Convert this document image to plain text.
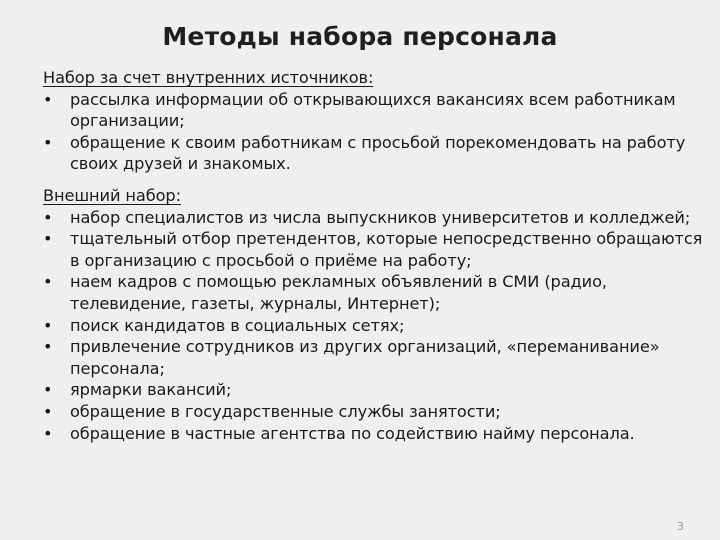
Методы набора персонала
Набор за счет внутренних источников:
• рассылка информации об открывающихся вакансиях всем работникам организации;
• обращение к своим работникам с просьбой порекомендовать на работу своих друзей и знакомых.
Внешний набор:
• набор специалистов из числа выпускников университетов и колледжей;
• тщательный отбор претендентов, которые непосредственно обращаются в организацию с просьбой о приёме на работу;
• наем кадров с помощью рекламных объявлений в СМИ (радио, телевидение, газеты, журналы, Интернет);
• поиск кандидатов в социальных сетях;
• привлечение сотрудников из других организаций, «переманивание» персонала;
• ярмарки вакансий;
• обращение в государственные службы занятости;
• обращение в частные агентства по содействию найму персонала.
3
